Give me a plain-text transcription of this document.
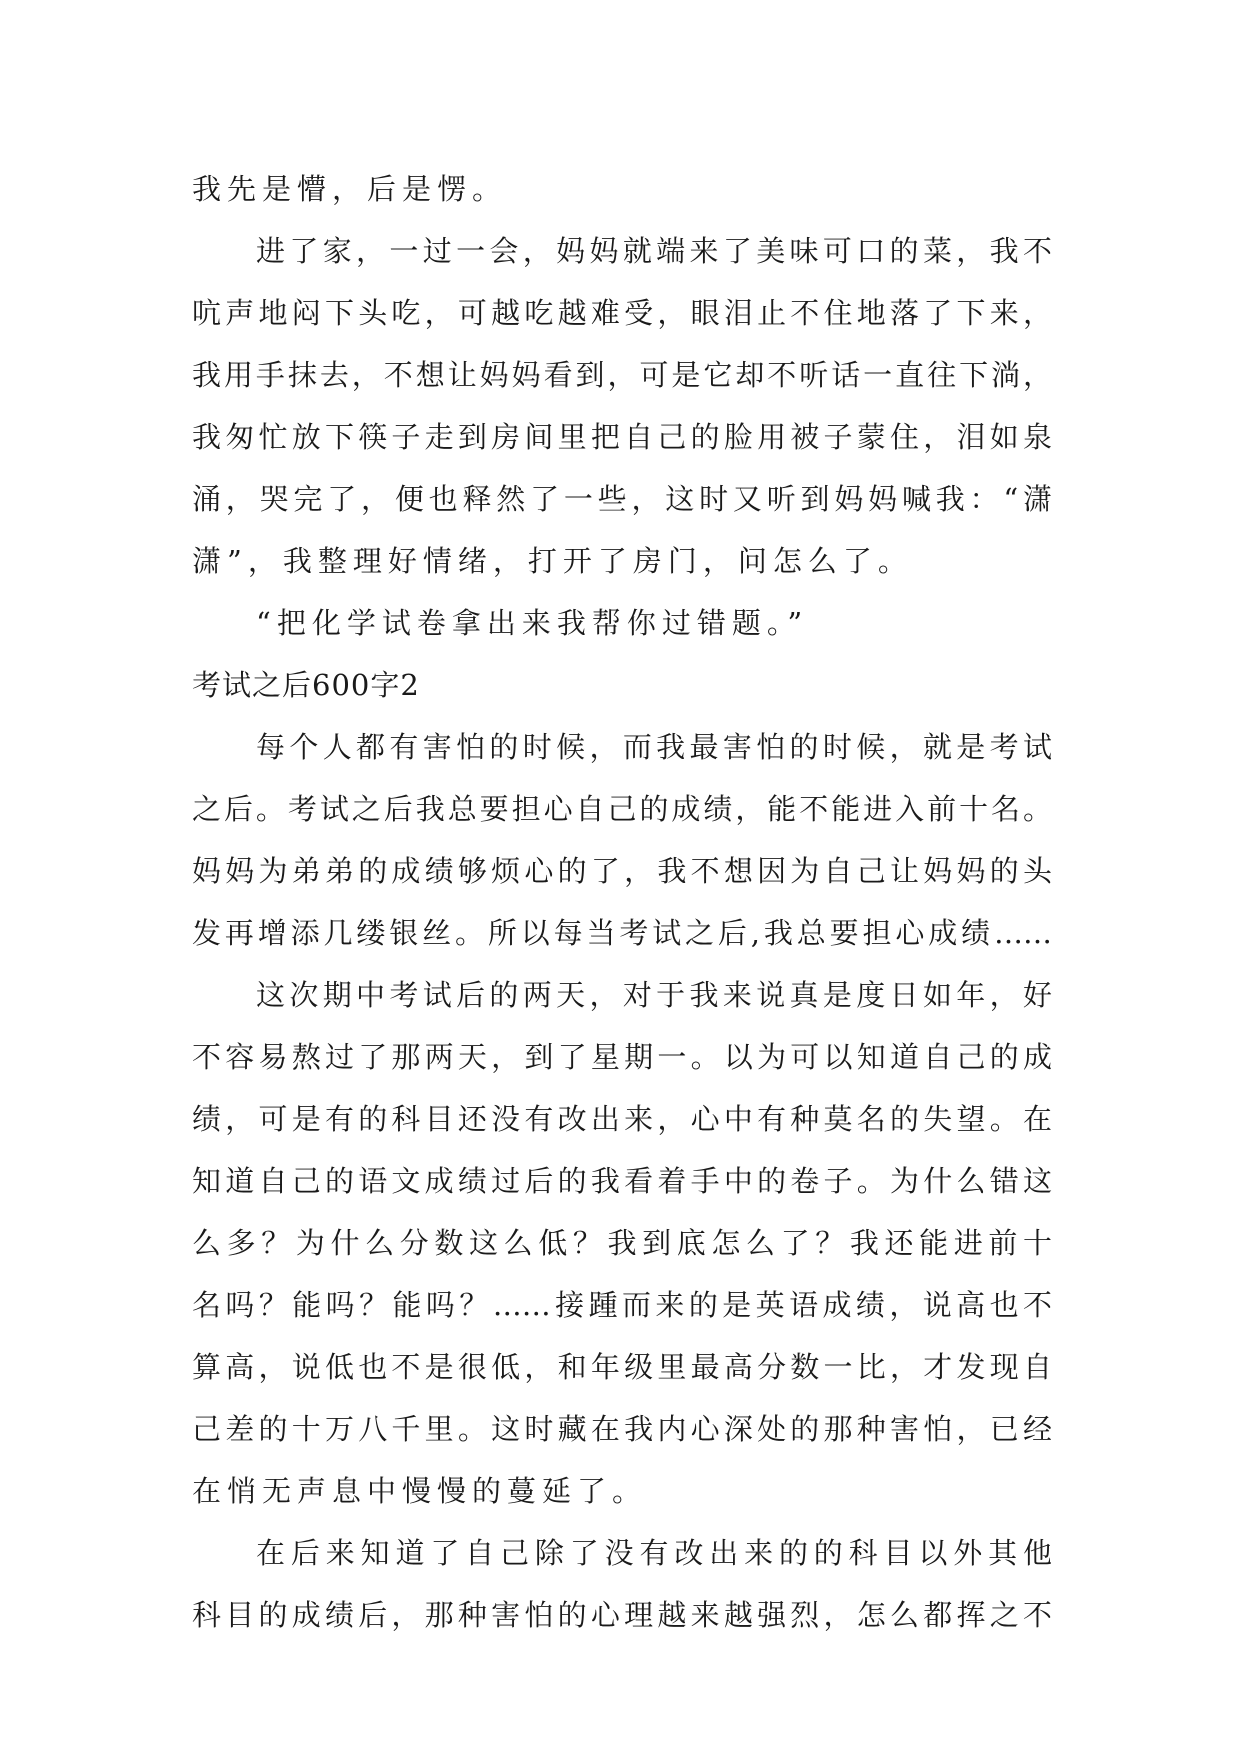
我先是懵，后是愣。
进了家，一过一会，妈妈就端来了美味可口的菜，我不
吭声地闷下头吃，可越吃越难受，眼泪止不住地落了下来，
我用手抹去，不想让妈妈看到，可是它却不听话一直往下淌，
我匆忙放下筷子走到房间里把自己的脸用被子蒙住，泪如泉
涌，哭完了，便也释然了一些，这时又听到妈妈喊我：“潇
潇”，我整理好情绪，打开了房门，问怎么了。
“把化学试卷拿出来我帮你过错题。”
考试之后600字2
每个人都有害怕的时候，而我最害怕的时候，就是考试
之后。考试之后我总要担心自己的成绩，能不能进入前十名。
妈妈为弟弟的成绩够烦心的了，我不想因为自己让妈妈的头
发再增添几缕银丝。所以每当考试之后,我总要担心成绩……
这次期中考试后的两天，对于我来说真是度日如年，好
不容易熬过了那两天，到了星期一。以为可以知道自己的成
绩，可是有的科目还没有改出来，心中有种莫名的失望。在
知道自己的语文成绩过后的我看着手中的卷子。为什么错这
么多？为什么分数这么低？我到底怎么了？我还能进前十
名吗？能吗？能吗？……接踵而来的是英语成绩，说高也不
算高，说低也不是很低，和年级里最高分数一比，才发现自
己差的十万八千里。这时藏在我内心深处的那种害怕，已经
在悄无声息中慢慢的蔓延了。
在后来知道了自己除了没有改出来的的科目以外其他
科目的成绩后，那种害怕的心理越来越强烈，怎么都挥之不
